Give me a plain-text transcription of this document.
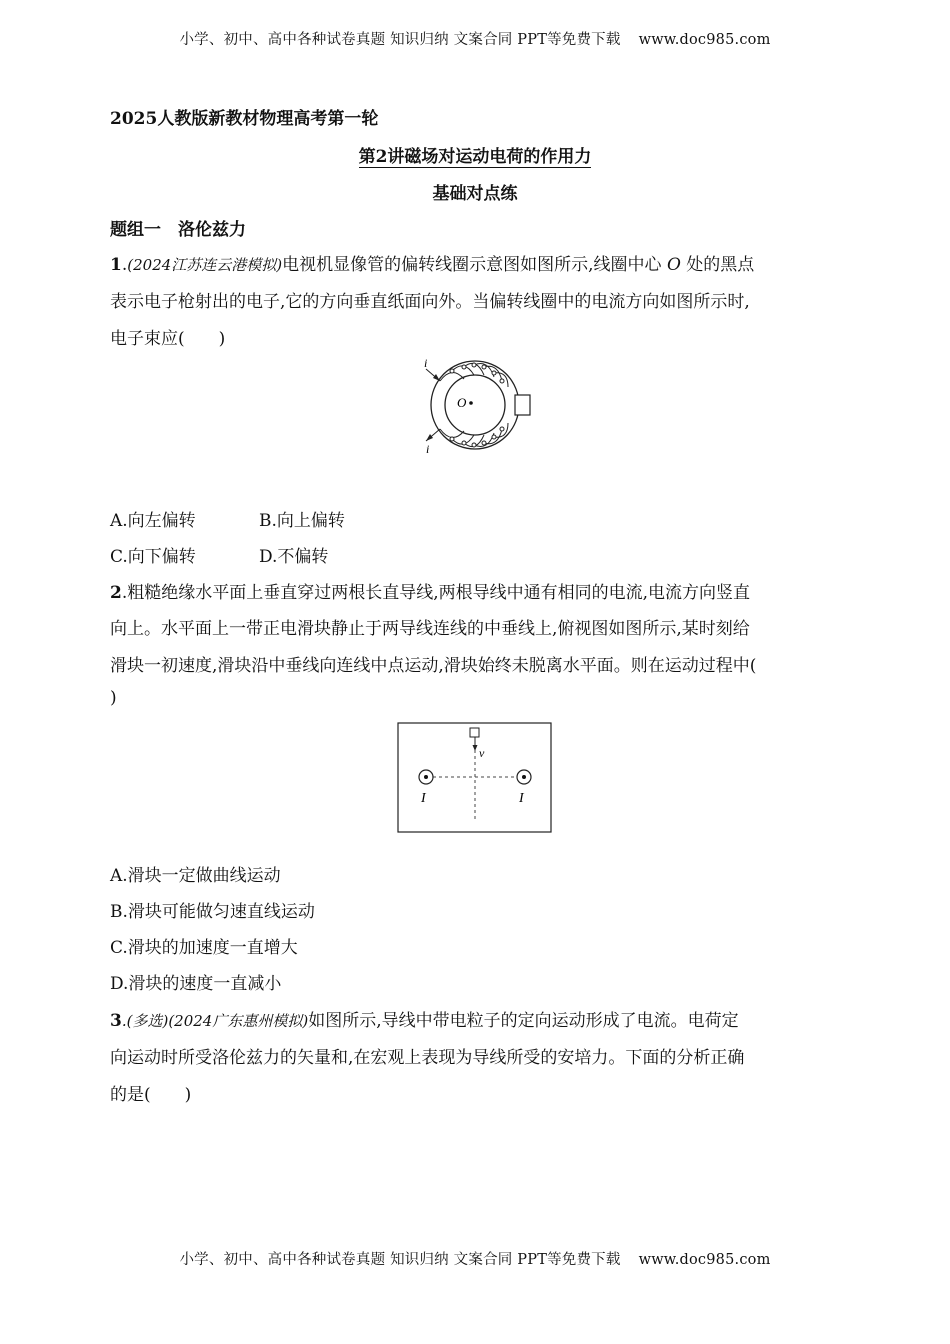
小学、初中、高中各种试卷真题 知识归纳 文案合同 PPT等免费下载 www.doc985.com
2025人教版新教材物理高考第一轮
第2讲磁场对运动电荷的作用力
基础对点练
题组一　洛伦兹力
1.(2024江苏连云港模拟)电视机显像管的偏转线圈示意图如图所示,线圈中心 O 处的黑点
表示电子枪射出的电子,它的方向垂直纸面向外。当偏转线圈中的电流方向如图所示时,
电子束应(　　)
i
i
O
A.向左偏转	B.向上偏转
C.向下偏转	D.不偏转
2.粗糙绝缘水平面上垂直穿过两根长直导线,两根导线中通有相同的电流,电流方向竖直
向上。水平面上一带正电滑块静止于两导线连线的中垂线上,俯视图如图所示,某时刻给
滑块一初速度,滑块沿中垂线向连线中点运动,滑块始终未脱离水平面。则在运动过程中(
)
v
I	I
A.滑块一定做曲线运动
B.滑块可能做匀速直线运动
C.滑块的加速度一直增大
D.滑块的速度一直减小
3.(多选)(2024广东惠州模拟)如图所示,导线中带电粒子的定向运动形成了电流。电荷定
向运动时所受洛伦兹力的矢量和,在宏观上表现为导线所受的安培力。下面的分析正确
的是(　　)
小学、初中、高中各种试卷真题 知识归纳 文案合同 PPT等免费下载 www.doc985.com
